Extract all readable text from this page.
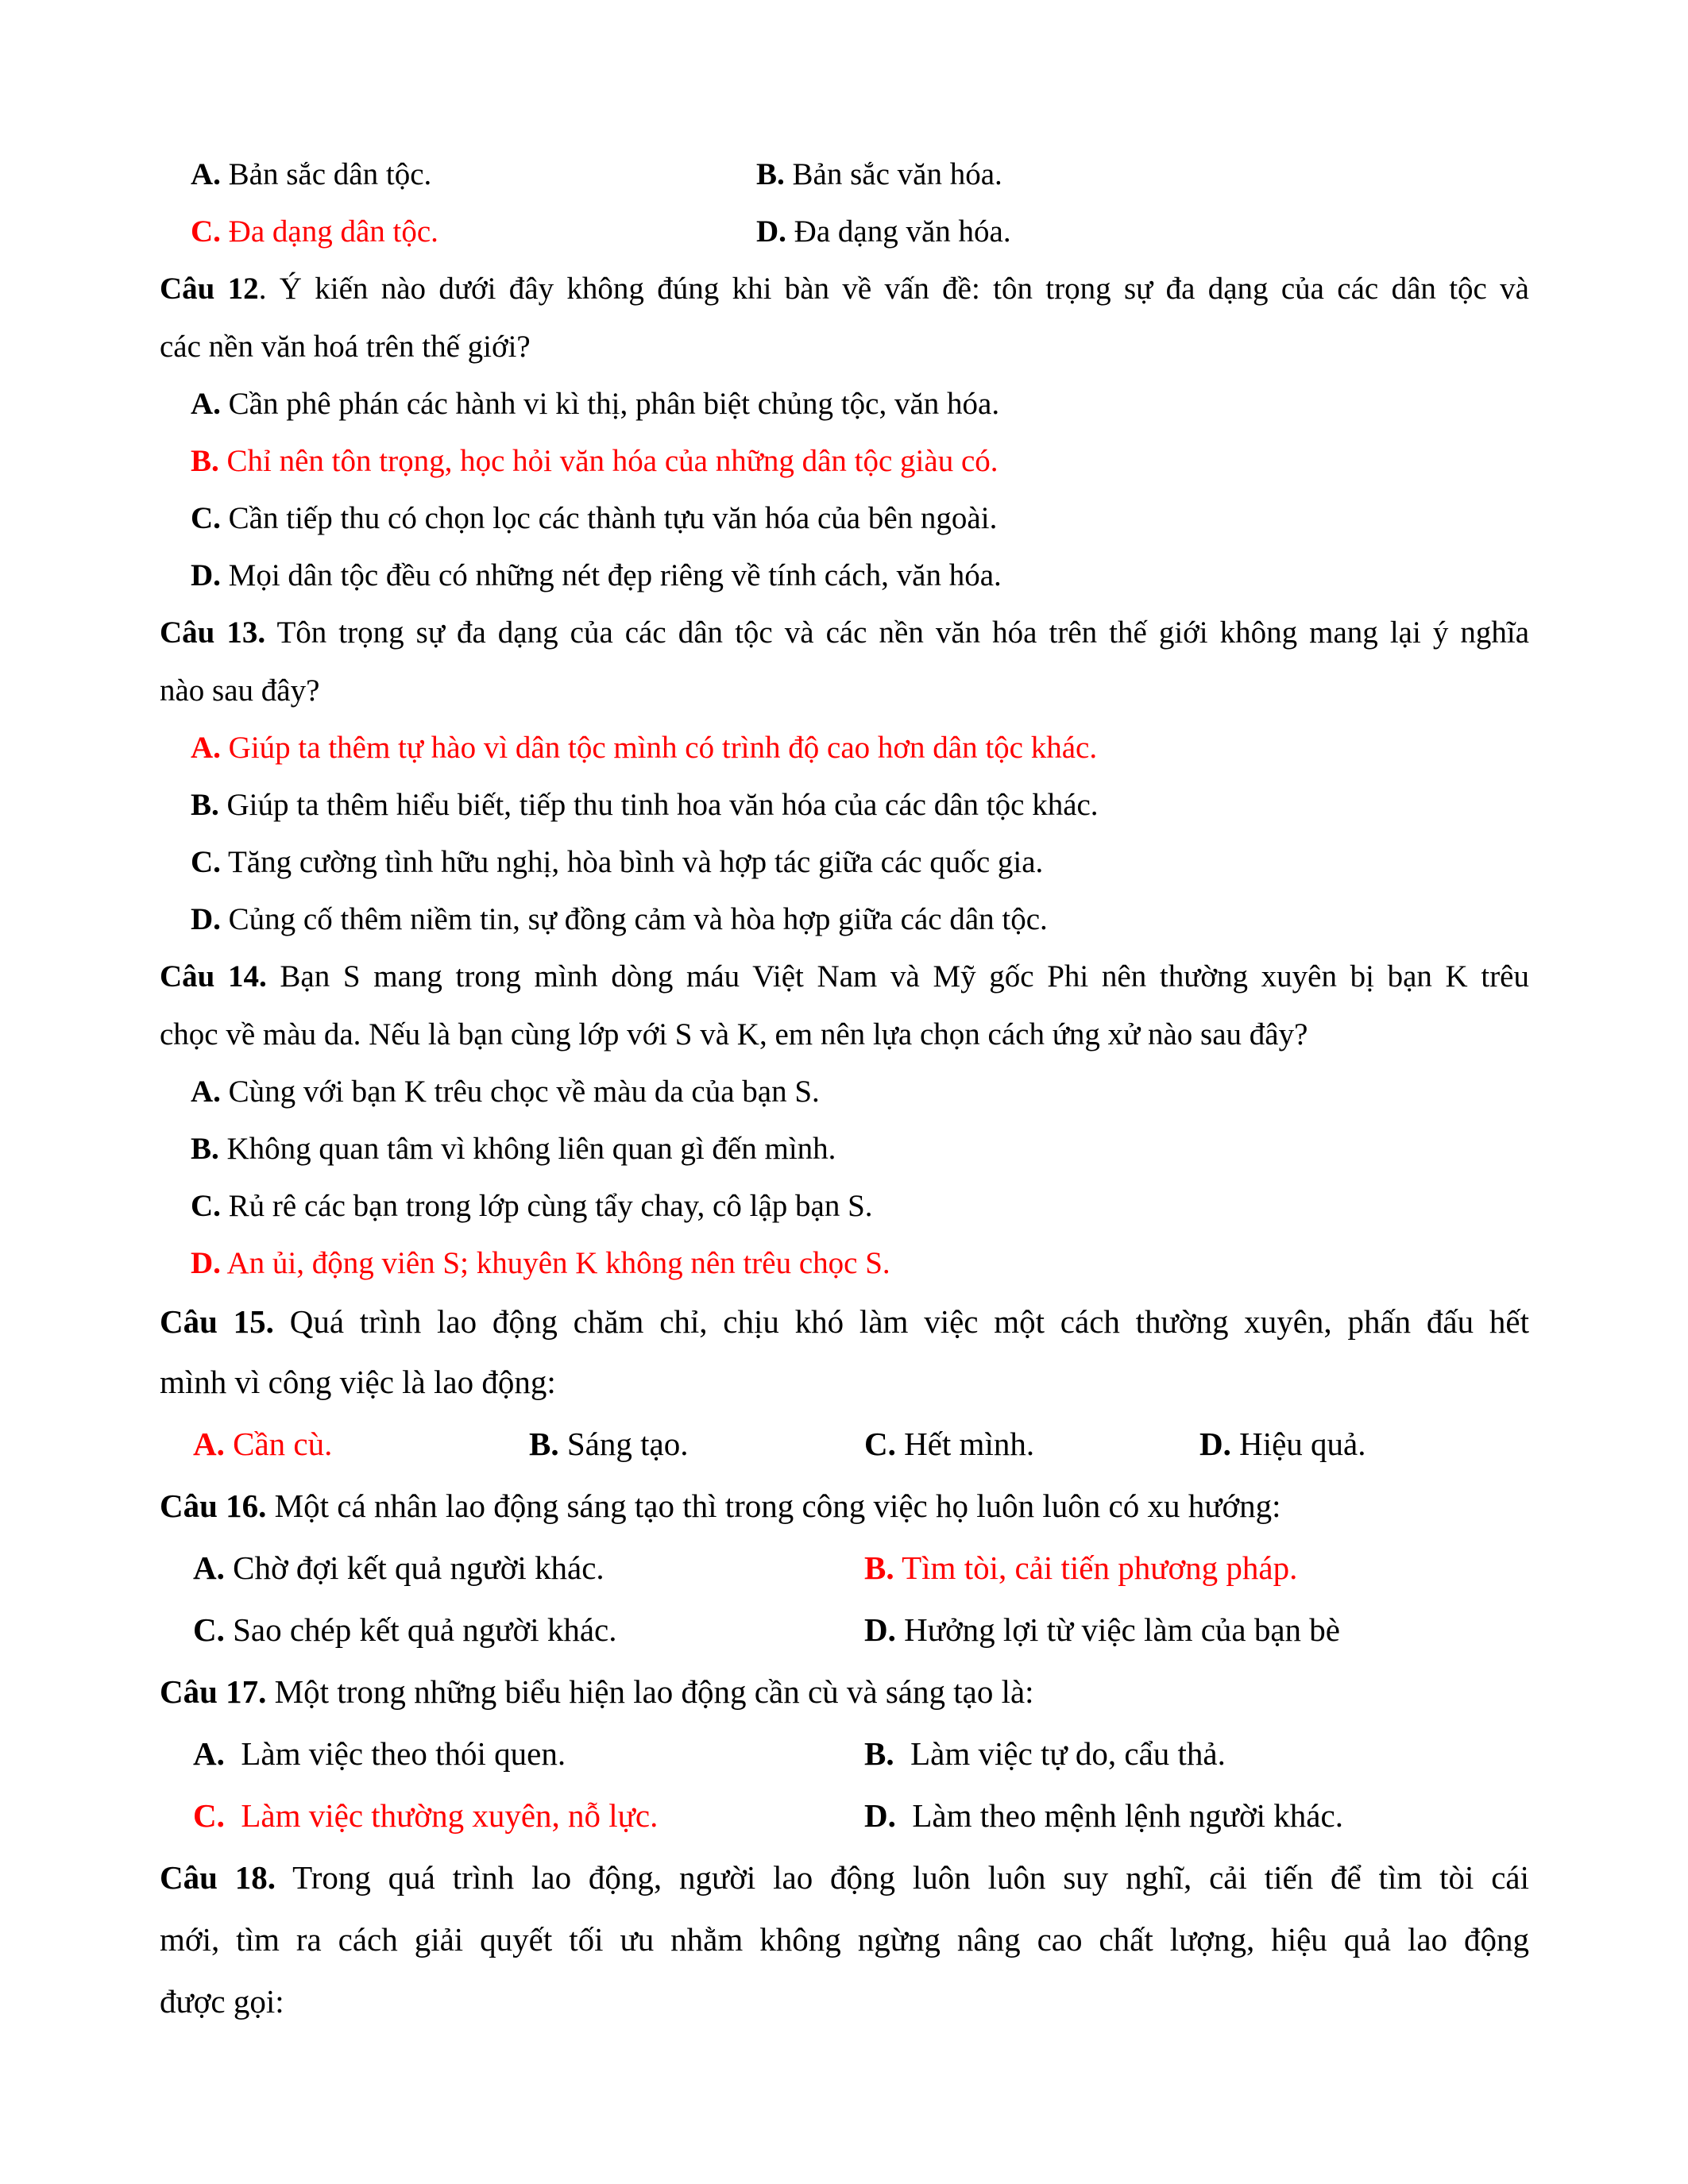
A. Bản sắc dân tộc.	B. Bản sắc văn hóa.
C. Đa dạng dân tộc.	D. Đa dạng văn hóa.
Câu 12. Ý kiến nào dưới đây không đúng khi bàn về vấn đề: tôn trọng sự đa dạng của các dân tộc và
các nền văn hoá trên thế giới?
A. Cần phê phán các hành vi kì thị, phân biệt chủng tộc, văn hóa.
B. Chỉ nên tôn trọng, học hỏi văn hóa của những dân tộc giàu có.
C. Cần tiếp thu có chọn lọc các thành tựu văn hóa của bên ngoài.
D. Mọi dân tộc đều có những nét đẹp riêng về tính cách, văn hóa.
Câu 13. Tôn trọng sự đa dạng của các dân tộc và các nền văn hóa trên thế giới không mang lại ý nghĩa
nào sau đây?
A. Giúp ta thêm tự hào vì dân tộc mình có trình độ cao hơn dân tộc khác.
B. Giúp ta thêm hiểu biết, tiếp thu tinh hoa văn hóa của các dân tộc khác.
C. Tăng cường tình hữu nghị, hòa bình và hợp tác giữa các quốc gia.
D. Củng cố thêm niềm tin, sự đồng cảm và hòa hợp giữa các dân tộc.
Câu 14. Bạn S mang trong mình dòng máu Việt Nam và Mỹ gốc Phi nên thường xuyên bị bạn K trêu
chọc về màu da. Nếu là bạn cùng lớp với S và K, em nên lựa chọn cách ứng xử nào sau đây?
A. Cùng với bạn K trêu chọc về màu da của bạn S.
B. Không quan tâm vì không liên quan gì đến mình.
C. Rủ rê các bạn trong lớp cùng tẩy chay, cô lập bạn S.
D. An ủi, động viên S; khuyên K không nên trêu chọc S.
Câu 15. Quá trình lao động chăm chỉ, chịu khó làm việc một cách thường xuyên, phấn đấu hết
mình vì công việc là lao động:
A. Cần cù.	B. Sáng tạo.	C. Hết mình.	D. Hiệu quả.
Câu 16. Một cá nhân lao động sáng tạo thì trong công việc họ luôn luôn có xu hướng:
A. Chờ đợi kết quả người khác.	B. Tìm tòi, cải tiến phương pháp.
C. Sao chép kết quả người khác.	D. Hưởng lợi từ việc làm của bạn bè
Câu 17. Một trong những biểu hiện lao động cần cù và sáng tạo là:
A.  Làm việc theo thói quen.	B.  Làm việc tự do, cẩu thả.
C.  Làm việc thường xuyên, nỗ lực.	D.  Làm theo mệnh lệnh người khác.
Câu 18. Trong quá trình lao động, người lao động luôn luôn suy nghĩ, cải tiến để tìm tòi cái
mới, tìm ra cách giải quyết tối ưu nhằm không ngừng nâng cao chất lượng, hiệu quả lao động
được gọi:
